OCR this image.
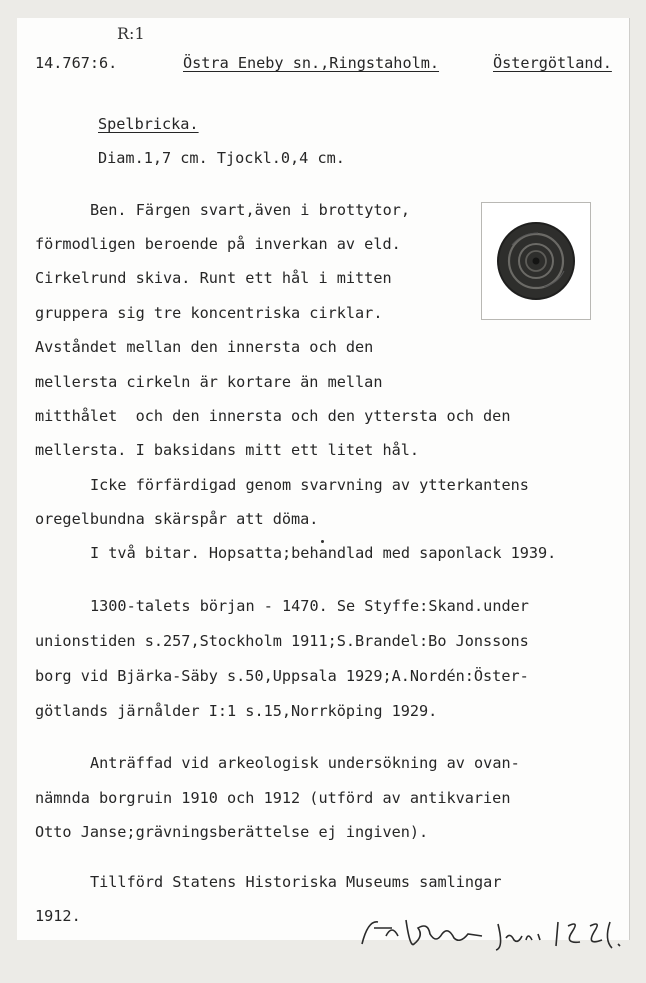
R:1
14.767:6.	Östra Eneby sn.,Ringstaholm.	Östergötland.
Spelbricka.
Diam.1,7 cm. Tjockl.0,4 cm.
Ben. Färgen svart,även i brottytor,
förmodligen beroende på inverkan av eld.
Cirkelrund skiva. Runt ett hål i mitten
gruppera sig tre koncentriska cirklar.
Avståndet mellan den innersta och den
mellersta cirkeln är kortare än mellan
mitthålet  och den innersta och den yttersta och den
mellersta. I baksidans mitt ett litet hål.
Icke förfärdigad genom svarvning av ytterkantens
oregelbundna skärspår att döma.
I två bitar. Hopsatta;behandlad med saponlack 1939.
1300-talets början - 1470. Se Styffe:Skand.under
unionstiden s.257,Stockholm 1911;S.Brandel:Bo Jonssons
borg vid Bjärka-Säby s.50,Uppsala 1929;A.Nordén:Öster-
götlands järnålder I:1 s.15,Norrköping 1929.
Anträffad vid arkeologisk undersökning av ovan-
nämnda borgruin 1910 och 1912 (utförd av antikvarien
Otto Janse;grävningsberättelse ej ingiven).
Tillförd Statens Historiska Museums samlingar
1912.
